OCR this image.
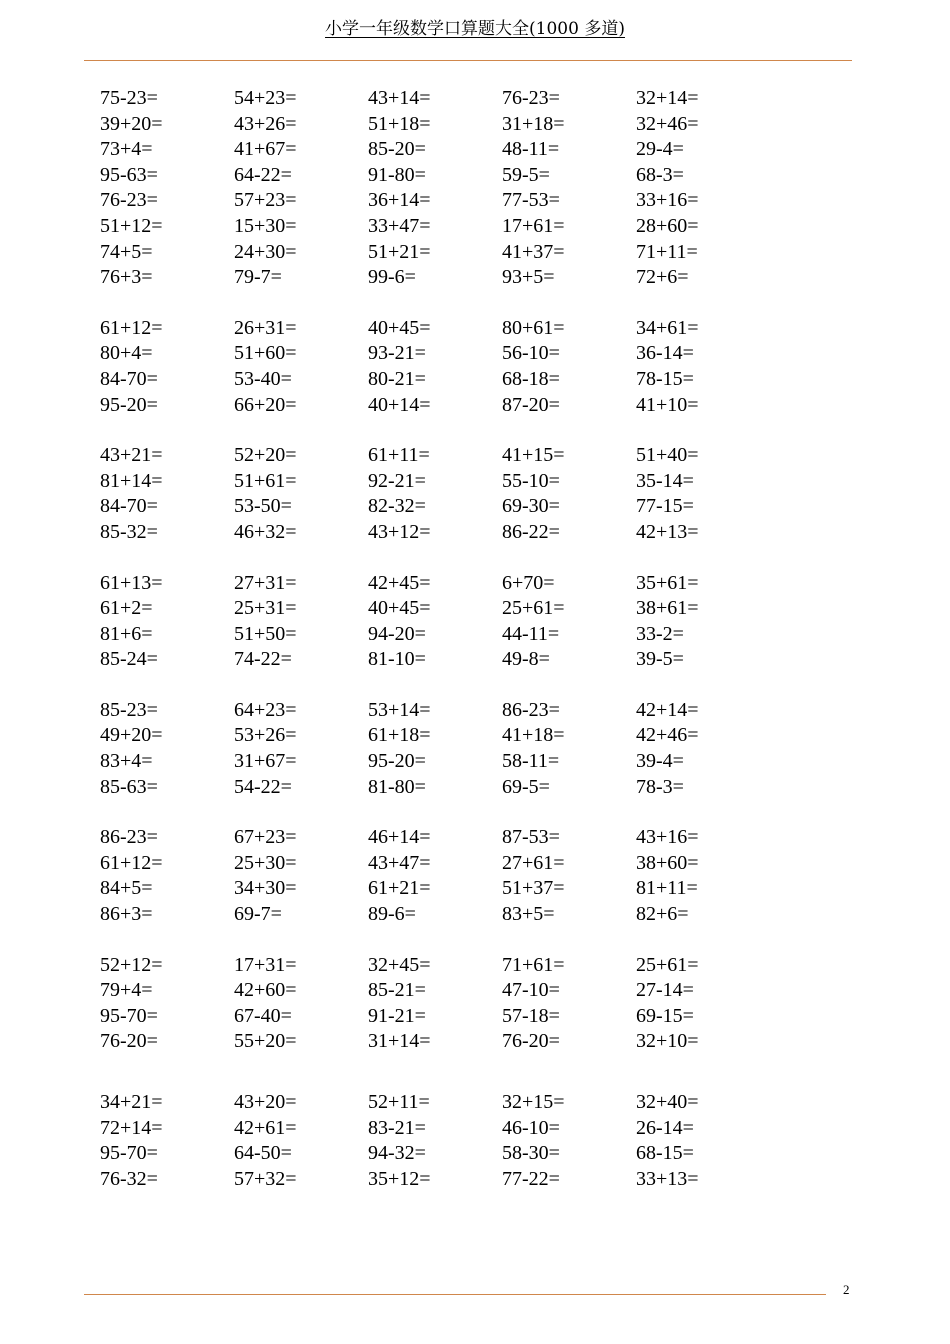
小学一年级数学口算题大全(1000 多道)
75-23=	54+23=	43+14=	76-23=	32+14=
39+20=	43+26=	51+18=	31+18=	32+46=
73+4=	41+67=	85-20=	48-11=	29-4=
95-63=	64-22=	91-80=	59-5=	68-3=
76-23=	57+23=	36+14=	77-53=	33+16=
51+12=	15+30=	33+47=	17+61=	28+60=
74+5=	24+30=	51+21=	41+37=	71+11=
76+3=	79-7=	99-6=	93+5=	72+6=
61+12=	26+31=	40+45=	80+61=	34+61=
80+4=	51+60=	93-21=	56-10=	36-14=
84-70=	53-40=	80-21=	68-18=	78-15=
95-20=	66+20=	40+14=	87-20=	41+10=
43+21=	52+20=	61+11=	41+15=	51+40=
81+14=	51+61=	92-21=	55-10=	35-14=
84-70=	53-50=	82-32=	69-30=	77-15=
85-32=	46+32=	43+12=	86-22=	42+13=
61+13=	27+31=	42+45=	6+70=	35+61=
61+2=	25+31=	40+45=	25+61=	38+61=
81+6=	51+50=	94-20=	44-11=	33-2=
85-24=	74-22=	81-10=	49-8=	39-5=
85-23=	64+23=	53+14=	86-23=	42+14=
49+20=	53+26=	61+18=	41+18=	42+46=
83+4=	31+67=	95-20=	58-11=	39-4=
85-63=	54-22=	81-80=	69-5=	78-3=
86-23=	67+23=	46+14=	87-53=	43+16=
61+12=	25+30=	43+47=	27+61=	38+60=
84+5=	34+30=	61+21=	51+37=	81+11=
86+3=	69-7=	89-6=	83+5=	82+6=
52+12=	17+31=	32+45=	71+61=	25+61=
79+4=	42+60=	85-21=	47-10=	27-14=
95-70=	67-40=	91-21=	57-18=	69-15=
76-20=	55+20=	31+14=	76-20=	32+10=
34+21=	43+20=	52+11=	32+15=	32+40=
72+14=	42+61=	83-21=	46-10=	26-14=
95-70=	64-50=	94-32=	58-30=	68-15=
76-32=	57+32=	35+12=	77-22=	33+13=
2
